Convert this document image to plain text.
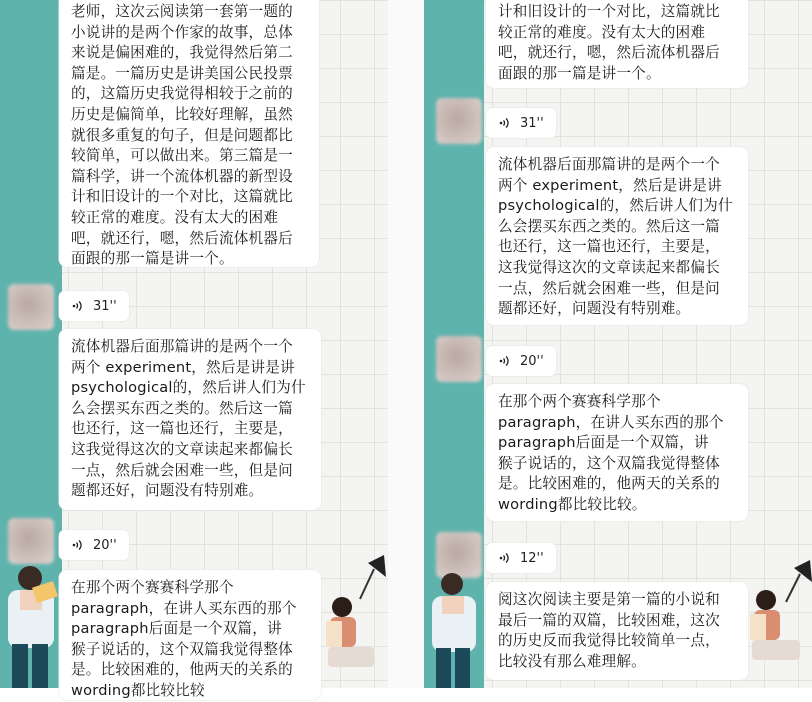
老师，这次云阅读第一套第一题的
小说讲的是两个作家的故事，总体
来说是偏困难的，我觉得然后第二
篇是。一篇历史是讲美国公民投票
的，这篇历史我觉得相较于之前的
历史是偏简单，比较好理解，虽然
就很多重复的句子，但是问题都比
较简单，可以做出来。第三篇是一
篇科学，讲一个流体机器的新型设
计和旧设计的一个对比，这篇就比
较正常的难度。没有太大的困难
吧，就还行，嗯，然后流体机器后
面跟的那一篇是讲一个。
31''
流体机器后面那篇讲的是两个一个
两个 experiment，然后是讲是讲
psychological的，然后讲人们为什
么会摆买东西之类的。然后这一篇
也还行，这一篇也还行，主要是，
这我觉得这次的文章读起来都偏长
一点，然后就会困难一些，但是问
题都还好，问题没有特别难。
20''
在那个两个赛赛科学那个
paragraph，在讲人买东西的那个
paragraph后面是一个双篇，讲
猴子说话的，这个双篇我觉得整体
是。比较困难的，他两天的关系的
wording都比较比较
计和旧设计的一个对比，这篇就比
较正常的难度。没有太大的困难
吧，就还行，嗯，然后流体机器后
面跟的那一篇是讲一个。
31''
流体机器后面那篇讲的是两个一个
两个 experiment，然后是讲是讲
psychological的，然后讲人们为什
么会摆买东西之类的。然后这一篇
也还行，这一篇也还行，主要是，
这我觉得这次的文章读起来都偏长
一点，然后就会困难一些，但是问
题都还好，问题没有特别难。
20''
在那个两个赛赛科学那个
paragraph，在讲人买东西的那个
paragraph后面是一个双篇，讲
猴子说话的，这个双篇我觉得整体
是。比较困难的，他两天的关系的
wording都比较比较。
12''
阅这次阅读主要是第一篇的小说和
最后一篇的双篇，比较困难，这次
的历史反而我觉得比较简单一点，
比较没有那么难理解。
